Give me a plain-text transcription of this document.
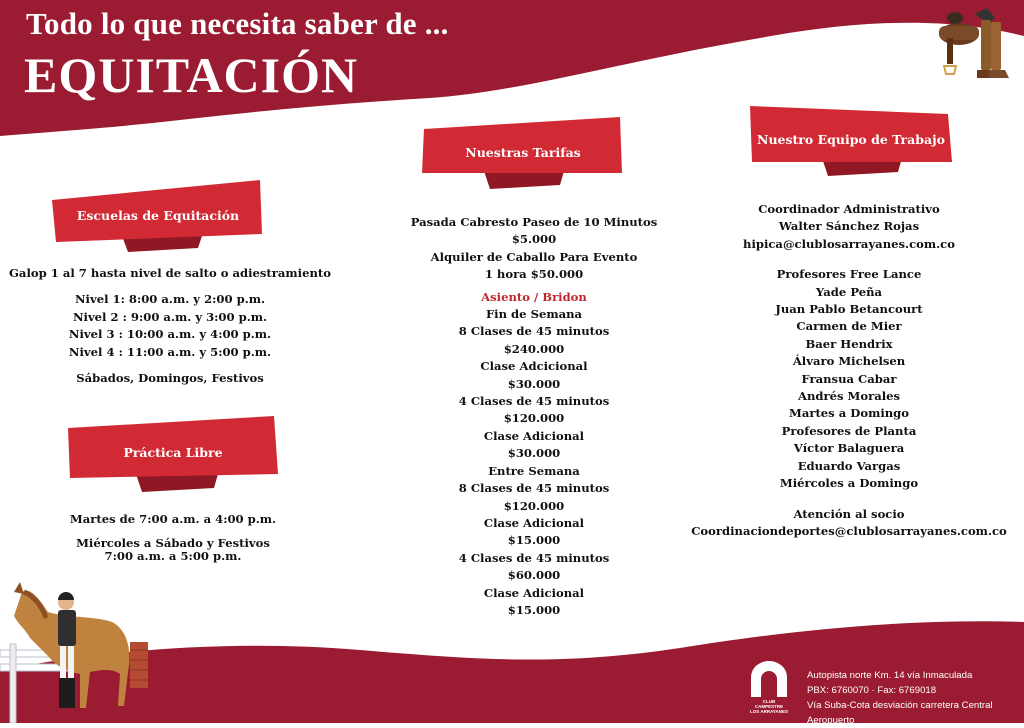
Todo lo que necesita saber de ...
EQUITACIÓN
Escuelas de Equitación
Práctica Libre
Nuestras Tarifas
Nuestro Equipo de Trabajo
Galop 1 al 7 hasta nivel de salto o adiestramiento
Nivel 1: 8:00 a.m. y 2:00 p.m.
Nivel 2 : 9:00 a.m. y 3:00 p.m.
Nivel 3 : 10:00 a.m. y 4:00 p.m.
Nivel 4 : 11:00 a.m. y 5:00 p.m.
Sábados, Domingos, Festivos
Martes de 7:00 a.m. a 4:00 p.m.
Miércoles a Sábado y Festivos
7:00 a.m. a 5:00 p.m.
Pasada Cabresto Paseo de 10 Minutos
$5.000
Alquiler de Caballo Para Evento
1 hora $50.000
Asiento / Bridon
Fin de Semana
8 Clases de 45 minutos
$240.000
Clase Adcicional
$30.000
4 Clases de 45 minutos
$120.000
Clase Adicional
$30.000
Entre Semana
8 Clases de 45 minutos
$120.000
Clase Adicional
$15.000
4 Clases de 45 minutos
$60.000
Clase Adicional
$15.000
Coordinador Administrativo
Walter Sánchez Rojas
hipica@clublosarrayanes.com.co
Profesores Free Lance
Yade Peña
Juan Pablo Betancourt
Carmen de Mier
Baer Hendrix
Álvaro Michelsen
Fransua Cabar
Andrés Morales
Martes a Domingo
Profesores de Planta
Víctor Balaguera
Eduardo Vargas
Miércoles a Domingo
Atención al socio
Coordinaciondeportes@clublosarrayanes.com.co
CLUB
CAMPESTRE
LOS ARRAYANES
Autopista norte Km. 14 vía Inmaculada
PBX: 6760070 · Fax: 6769018
Vía Suba-Cota desviación carretera Central Aeropuerto
